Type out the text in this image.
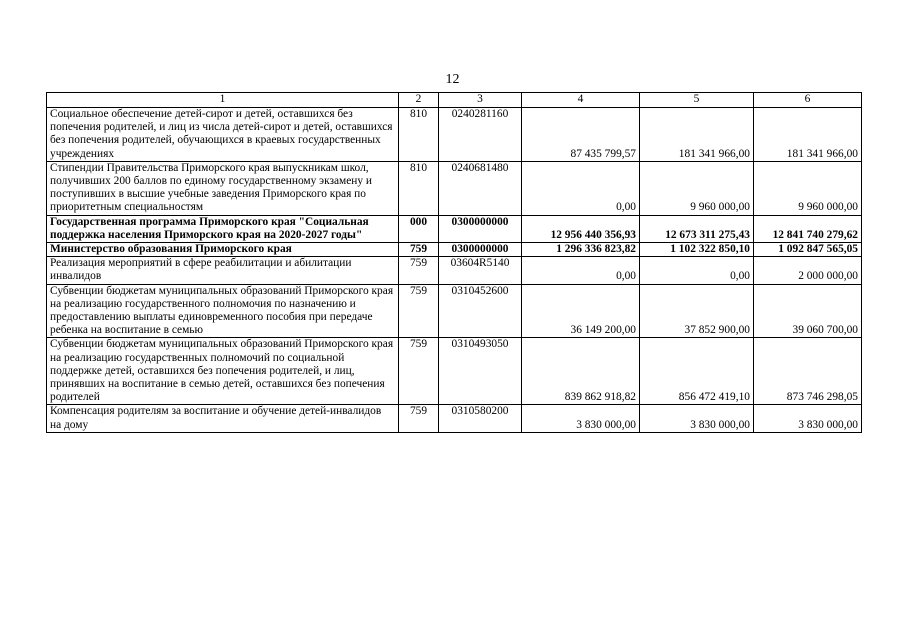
12
1	2	3	4	5	6
Социальное обеспечение детей-сирот и детей, оставшихся без попечения родителей, и лиц из числа детей-сирот и детей, оставшихся без попечения родителей, обучающихся в краевых государственных учреждениях	810	0240281160	87 435 799,57	181 341 966,00	181 341 966,00
Стипендии Правительства Приморского края выпускникам школ, получивших 200 баллов по единому государственному экзамену и поступивших в высшие учебные заведения Приморского края по приоритетным специальностям	810	0240681480	0,00	9 960 000,00	9 960 000,00
Государственная программа Приморского края "Социальная поддержка населения Приморского края на 2020-2027 годы"	000	0300000000	12 956 440 356,93	12 673 311 275,43	12 841 740 279,62
Министерство образования Приморского края	759	0300000000	1 296 336 823,82	1 102 322 850,10	1 092 847 565,05
Реализация мероприятий в сфере реабилитации и абилитации инвалидов	759	03604R5140	0,00	0,00	2 000 000,00
Субвенции бюджетам муниципальных образований Приморского края на реализацию государственного полномочия по назначению и предоставлению выплаты единовременного пособия при передаче ребенка на воспитание в семью	759	0310452600	36 149 200,00	37 852 900,00	39 060 700,00
Субвенции бюджетам муниципальных образований Приморского края на реализацию государственных полномочий по социальной поддержке детей, оставшихся без попечения родителей, и лиц, принявших на воспитание в семью детей, оставшихся без попечения родителей	759	0310493050	839 862 918,82	856 472 419,10	873 746 298,05
Компенсация родителям за воспитание и обучение детей-инвалидов на дому	759	0310580200	3 830 000,00	3 830 000,00	3 830 000,00
